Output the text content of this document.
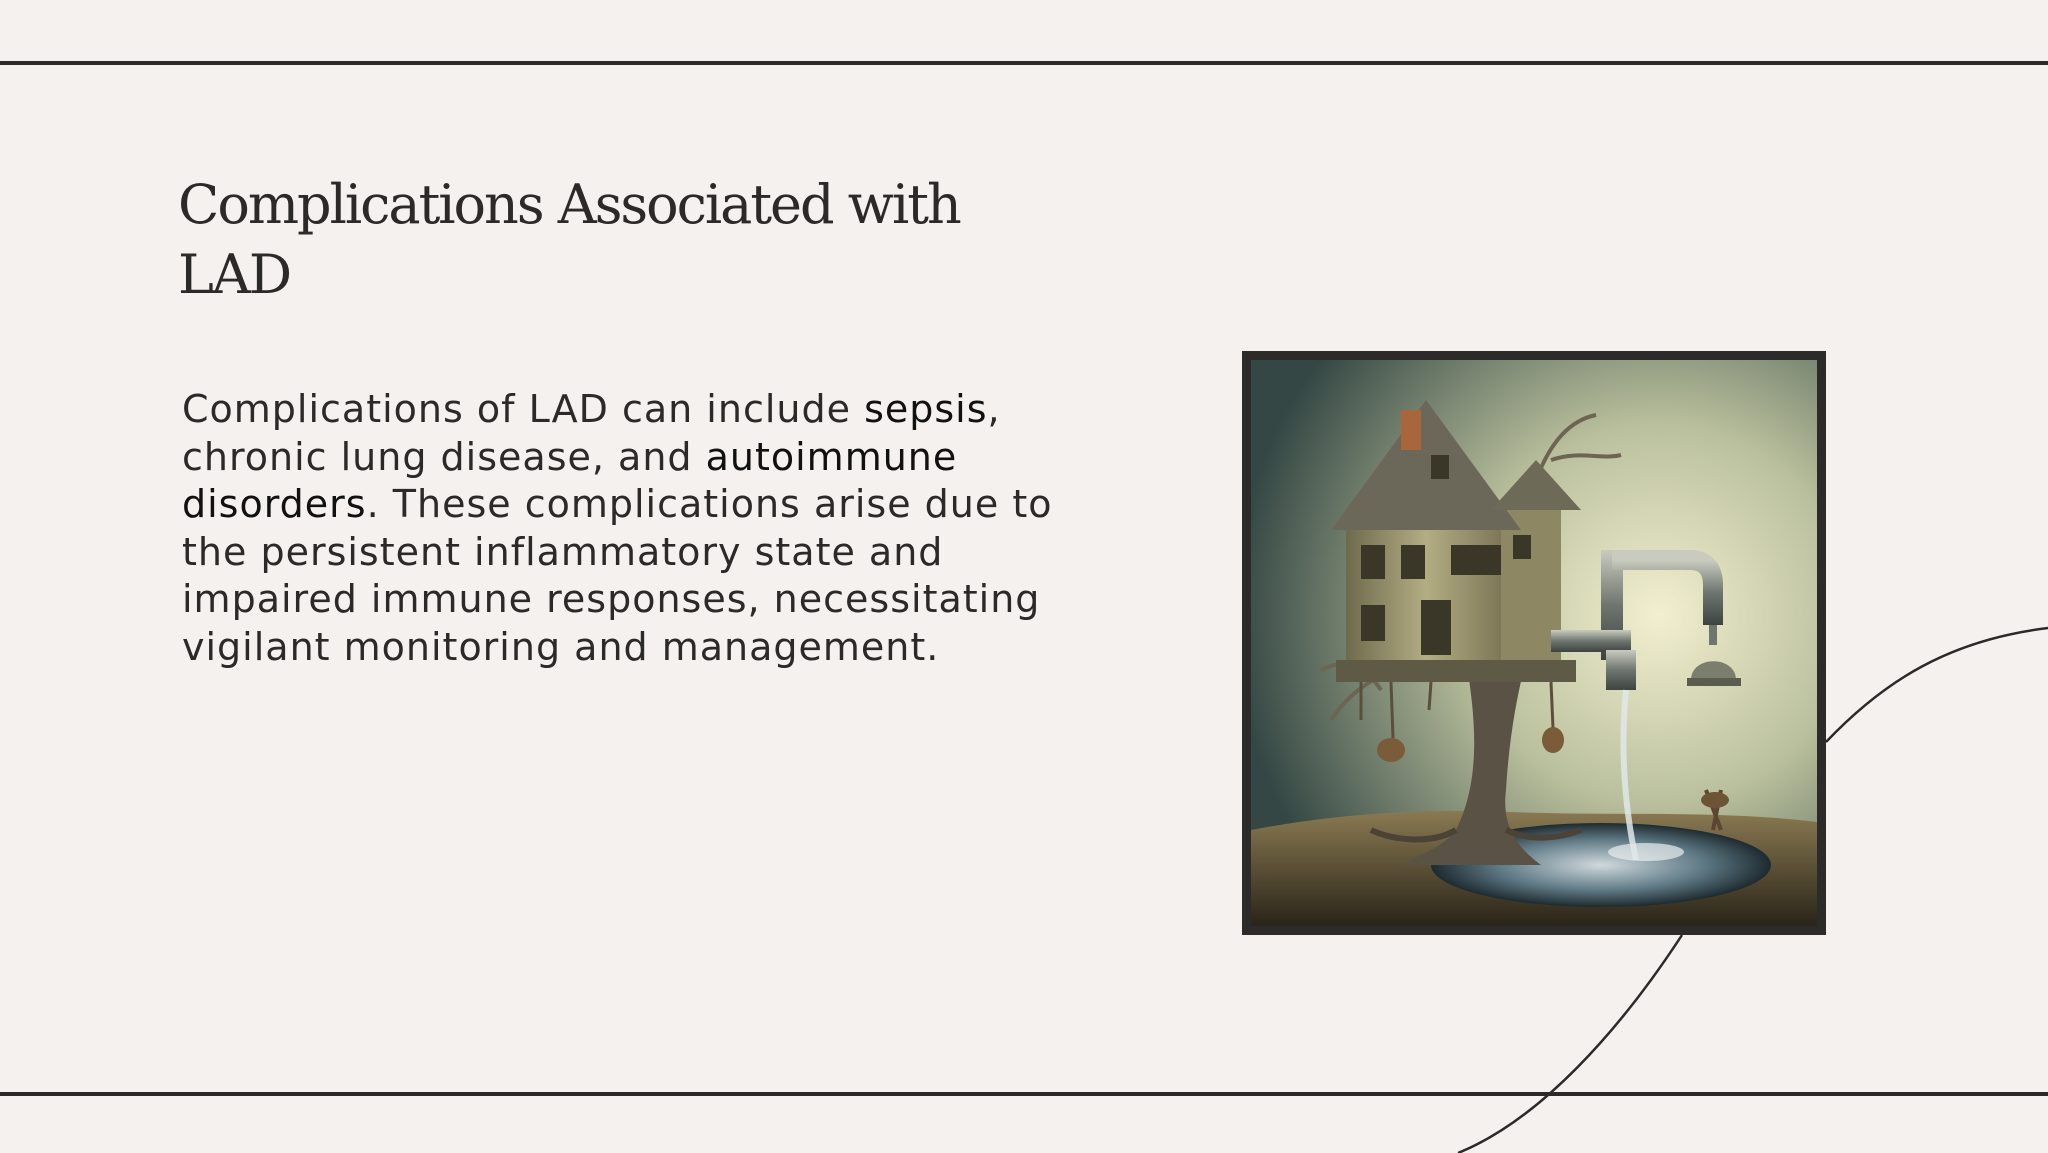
Complications Associated with LAD

Complications of LAD can include sepsis, chronic lung disease, and autoimmune disorders. These complications arise due to the persistent inflammatory state and impaired immune responses, necessitating vigilant monitoring and management.
